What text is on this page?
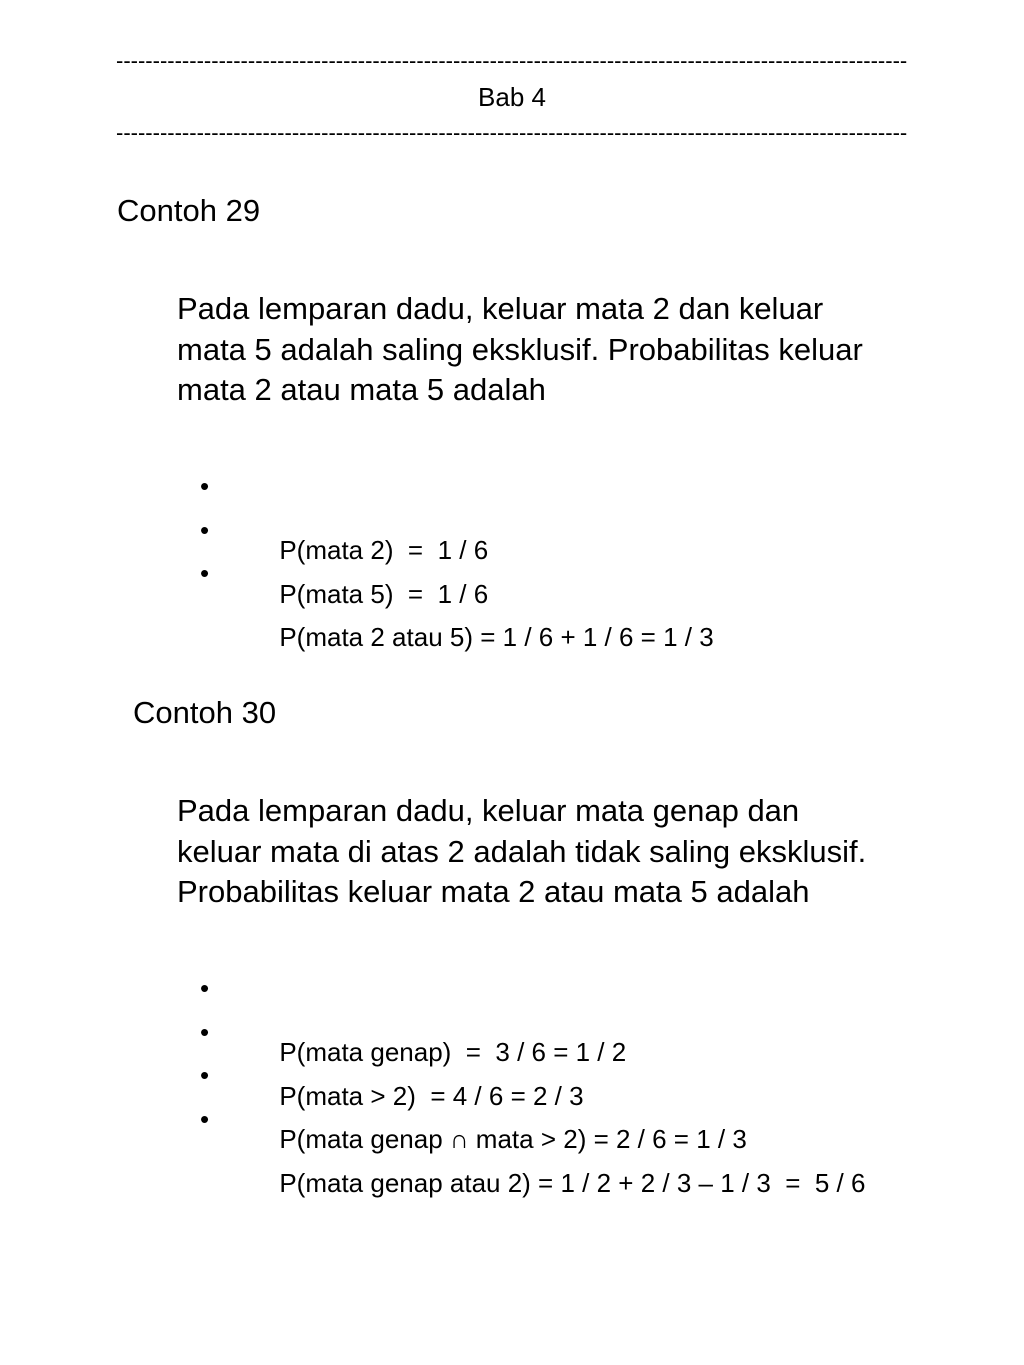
------------------------------------------------------------------------------------------------------------
Bab 4
------------------------------------------------------------------------------------------------------------
Contoh 29

Pada lemparan dadu, keluar mata 2 dan keluar
mata 5 adalah saling eksklusif. Probabilitas keluar
mata 2 atau mata 5 adalah

•

P(mata 2)  =  1 / 6

•

P(mata 5)  =  1 / 6

•

P(mata 2 atau 5) = 1 / 6 + 1 / 6 = 1 / 3

Contoh 30

Pada lemparan dadu, keluar mata genap dan
keluar mata di atas 2 adalah tidak saling eksklusif.
Probabilitas keluar mata 2 atau mata 5 adalah

•

P(mata genap)  =  3 / 6 = 1 / 2

•

P(mata > 2)  = 4 / 6 = 2 / 3

•

P(mata genap ∩ mata > 2) = 2 / 6 = 1 / 3

•

P(mata genap atau 2) = 1 / 2 + 2 / 3 – 1 / 3  =  5 / 6
